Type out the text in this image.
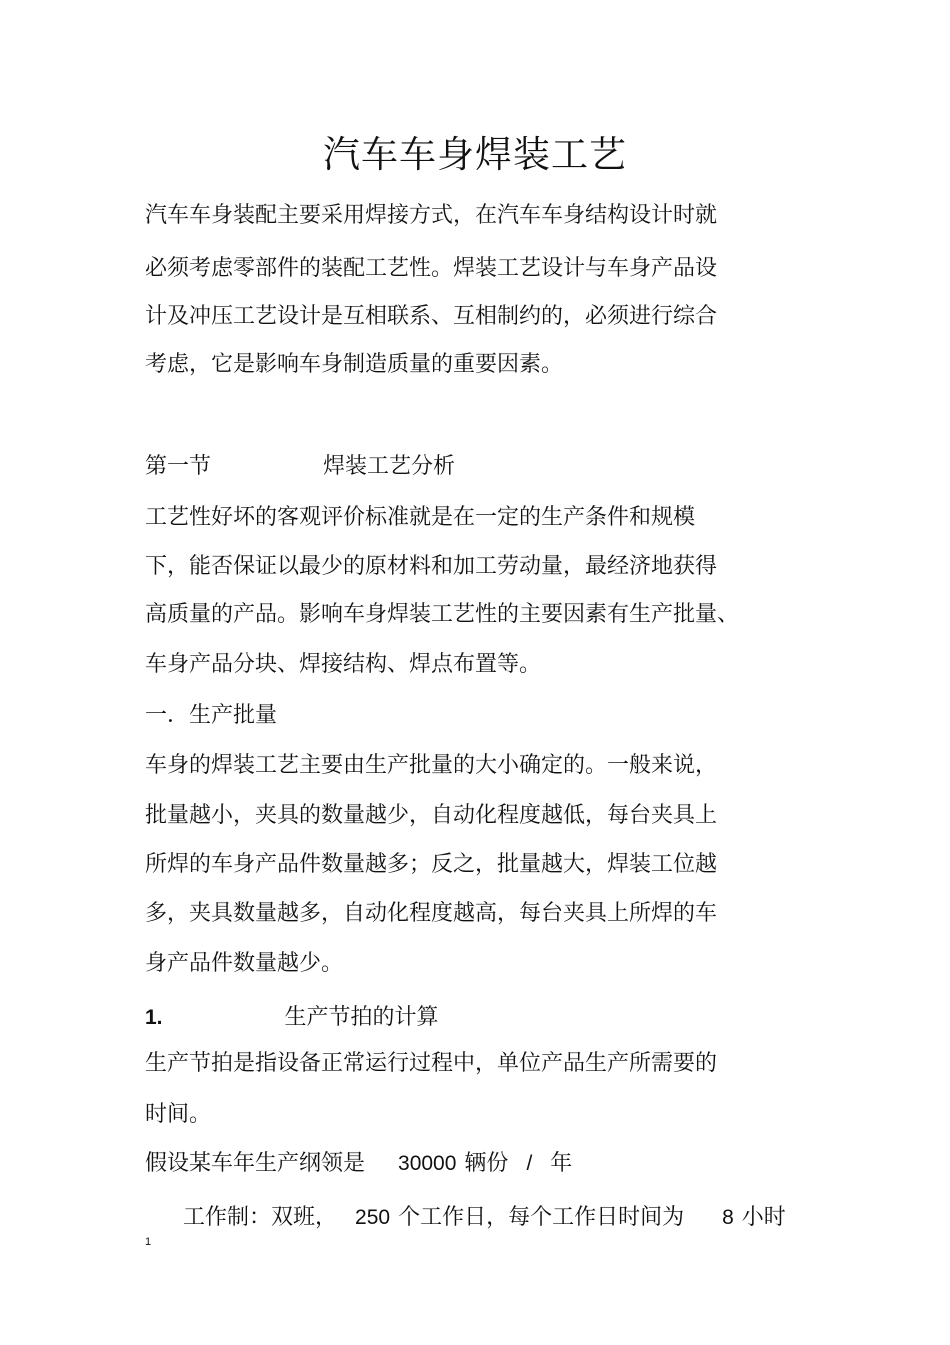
汽车车身焊装工艺

汽车车身装配主要采用焊接方式，在汽车车身结构设计时就

必须考虑零部件的装配工艺性。焊装工艺设计与车身产品设

计及冲压工艺设计是互相联系、互相制约的，必须进行综合

考虑，它是影响车身制造质量的重要因素。

第一节	焊装工艺分析

工艺性好坏的客观评价标准就是在一定的生产条件和规模

下，能否保证以最少的原材料和加工劳动量，最经济地获得

高质量的产品。影响车身焊装工艺性的主要因素有生产批量、

车身产品分块、焊接结构、焊点布置等。

一．生产批量

车身的焊装工艺主要由生产批量的大小确定的。一般来说，

批量越小，夹具的数量越少，自动化程度越低，每台夹具上

所焊的车身产品件数量越多；反之，批量越大，焊装工位越

多，夹具数量越多，自动化程度越高，每台夹具上所焊的车

身产品件数量越少。

1.	生产节拍的计算

生产节拍是指设备正常运行过程中，单位产品生产所需要的

时间。

假设某车年生产纲领是 30000 辆份 / 年

工作制：双班， 250 个工作日，每个工作日时间为 8 小时

1
